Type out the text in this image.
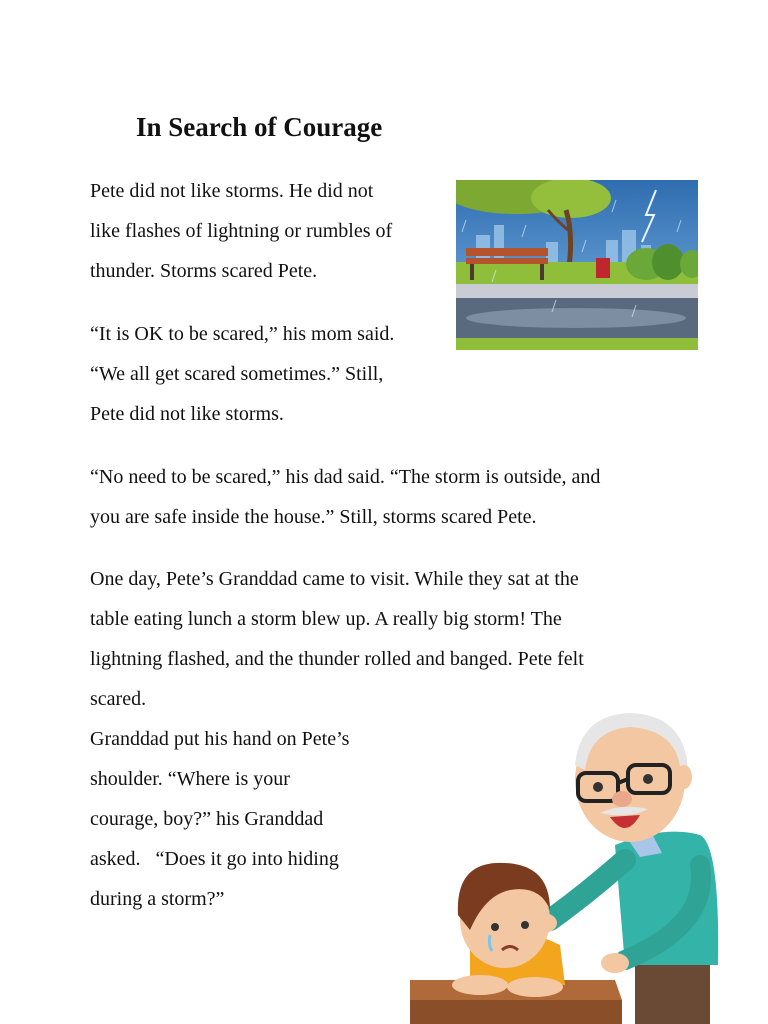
In Search of Courage

Pete did not like storms. He did not

like flashes of lightning or rumbles of

thunder. Storms scared Pete.

“It is OK to be scared,” his mom said.

“We all get scared sometimes.” Still,

Pete did not like storms.

“No need to be scared,” his dad said. “The storm is outside, and

you are safe inside the house.” Still, storms scared Pete.

One day, Pete’s Granddad came to visit. While they sat at the

table eating lunch a storm blew up. A really big storm! The

lightning flashed, and the thunder rolled and banged. Pete felt

scared.

Granddad put his hand on Pete’s

shoulder. “Where is your

courage, boy?” his Granddad

asked.   “Does it go into hiding

during a storm?”
